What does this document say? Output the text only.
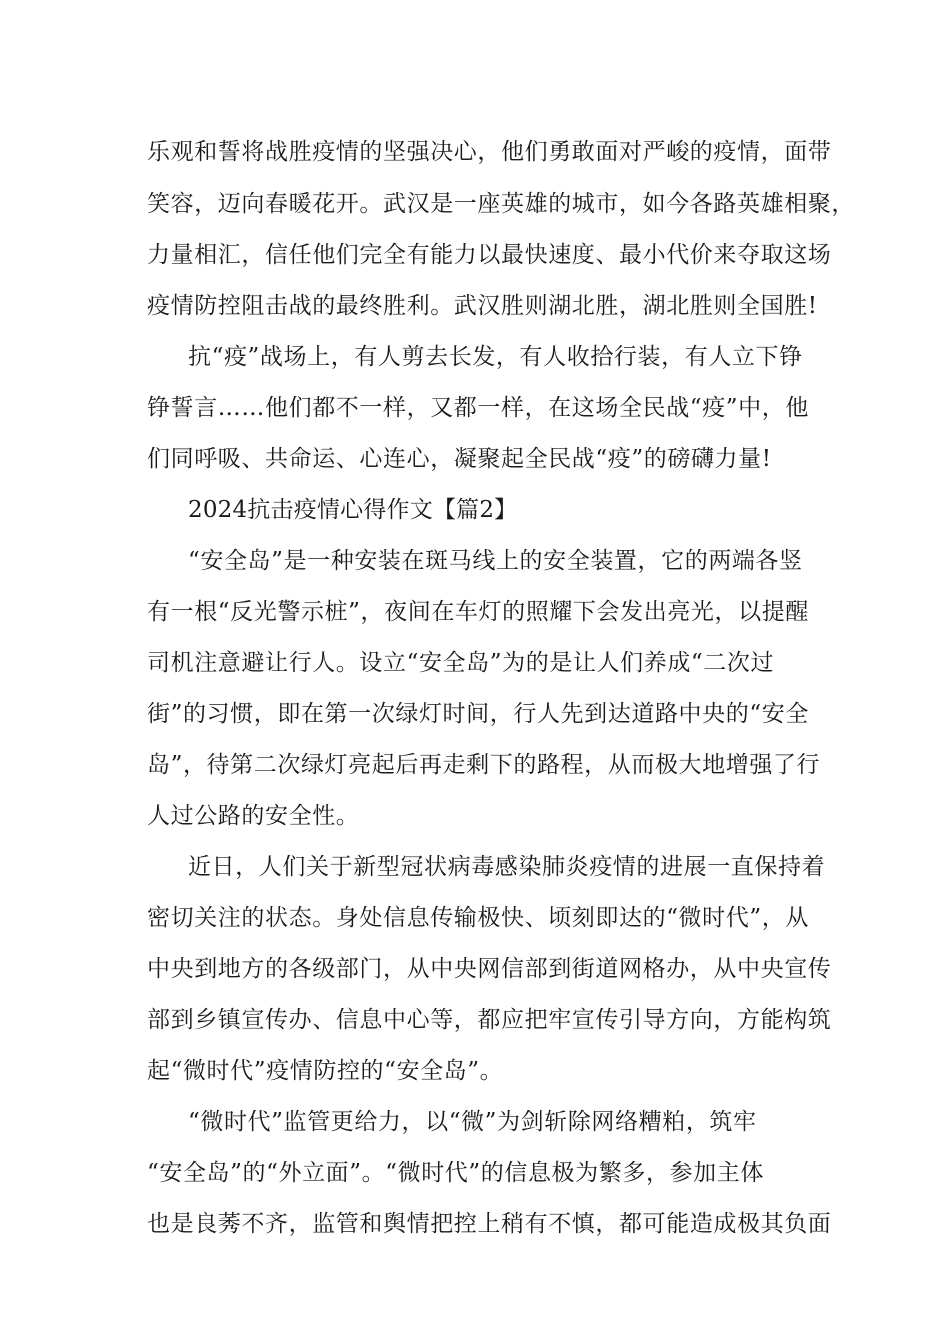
乐观和誓将战胜疫情的坚强决心，他们勇敢面对严峻的疫情，面带
笑容，迈向春暖花开。武汉是一座英雄的城市，如今各路英雄相聚，
力量相汇，信任他们完全有能力以最快速度、最小代价来夺取这场
疫情防控阻击战的最终胜利。武汉胜则湖北胜，湖北胜则全国胜!
抗“疫”战场上，有人剪去长发，有人收拾行装，有人立下铮
铮誓言……他们都不一样，又都一样，在这场全民战“疫”中，他
们同呼吸、共命运、心连心，凝聚起全民战“疫”的磅礴力量!
2024抗击疫情心得作文【篇2】
“安全岛”是一种安装在斑马线上的安全装置，它的两端各竖
有一根“反光警示桩”，夜间在车灯的照耀下会发出亮光，以提醒
司机注意避让行人。设立“安全岛”为的是让人们养成“二次过
街”的习惯，即在第一次绿灯时间，行人先到达道路中央的“安全
岛”，待第二次绿灯亮起后再走剩下的路程，从而极大地增强了行
人过公路的安全性。
近日，人们关于新型冠状病毒感染肺炎疫情的进展一直保持着
密切关注的状态。身处信息传输极快、顷刻即达的“微时代”，从
中央到地方的各级部门，从中央网信部到街道网格办，从中央宣传
部到乡镇宣传办、信息中心等，都应把牢宣传引导方向，方能构筑
起“微时代”疫情防控的“安全岛”。
“微时代”监管更给力，以“微”为剑斩除网络糟粕，筑牢
“安全岛”的“外立面”。“微时代”的信息极为繁多，参加主体
也是良莠不齐，监管和舆情把控上稍有不慎，都可能造成极其负面
